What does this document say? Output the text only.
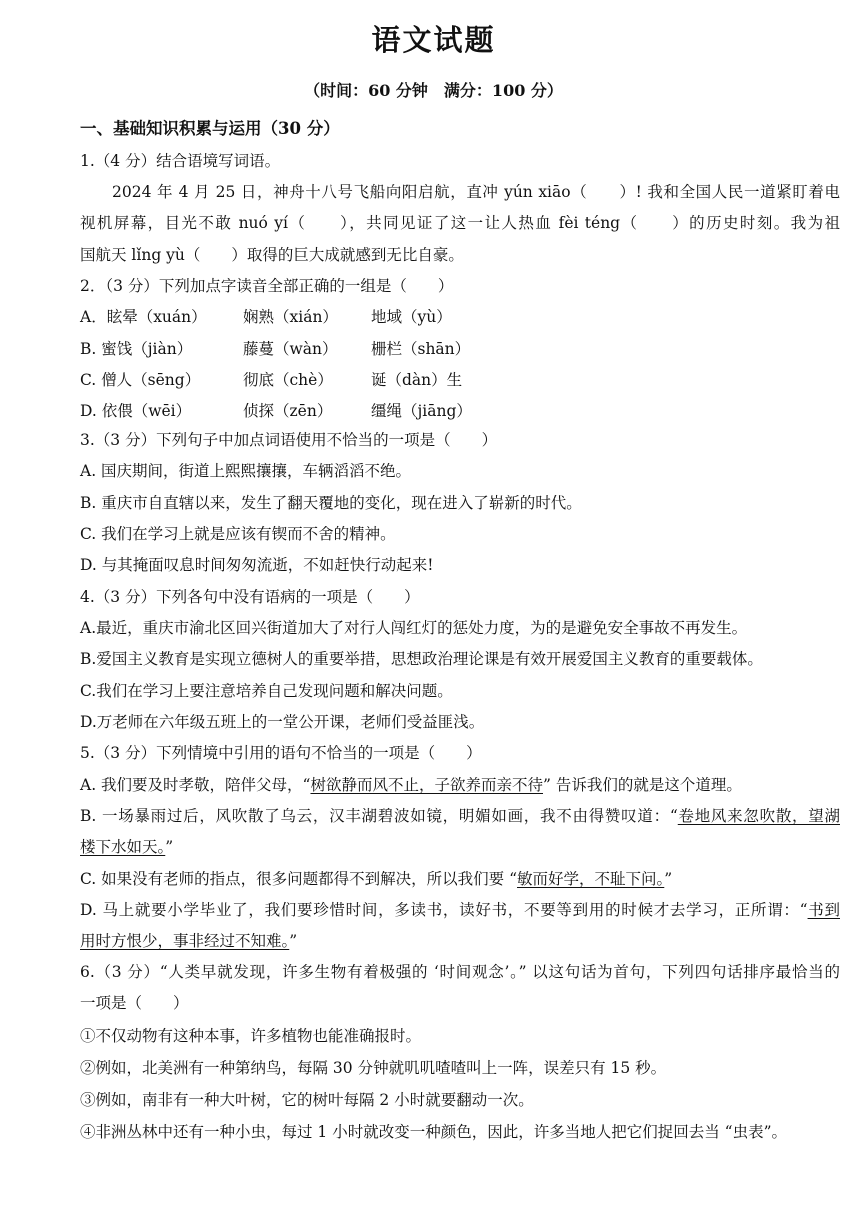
语文试题
（时间：60 分钟　满分：100 分）
一、基础知识积累与运用（30 分）
1.（4 分）结合语境写词语。
2024 年 4 月 25 日，神舟十八号飞船向阳启航，直冲 yún xiāo（　　）! 我和全国人民一道紧盯着电
视机屏幕，目光不敢 nuó yí（　　），共同见证了这一让人热血 fèi téng（　　）的历史时刻。我为祖
国航天 lǐng yù（　　）取得的巨大成就感到无比自豪。
2．（3 分）下列加点字读音全部正确的一组是（　　）
A．眩晕（xuán） 娴熟（xián） 地域（yù）
B. 蜜饯（jiàn）	藤蔓（wàn） 栅栏（shān）
C. 僧人（sēng）	彻底（chè） 诞（dàn）生
D. 依偎（wēi）	侦探（zēn） 缰绳（jiāng）
3.（3 分）下列句子中加点词语使用不恰当的一项是（　　）
A. 国庆期间，街道上熙熙攘攘，车辆滔滔不绝。
B. 重庆市自直辖以来，发生了翻天覆地的变化，现在进入了崭新的时代。
C. 我们在学习上就是应该有锲而不舍的精神。
D. 与其掩面叹息时间匆匆流逝，不如赶快行动起来!
4.（3 分）下列各句中没有语病的一项是（　　）
A.最近，重庆市渝北区回兴街道加大了对行人闯红灯的惩处力度，为的是避免安全事故不再发生。
B.爱国主义教育是实现立德树人的重要举措，思想政治理论课是有效开展爱国主义教育的重要载体。
C.我们在学习上要注意培养自己发现问题和解决问题。
D.万老师在六年级五班上的一堂公开课，老师们受益匪浅。
5.（3 分）下列情境中引用的语句不恰当的一项是（　　）
A. 我们要及时孝敬，陪伴父母，“树欲静而风不止，子欲养而亲不待” 告诉我们的就是这个道理。
B. 一场暴雨过后，风吹散了乌云，汉丰湖碧波如镜，明媚如画，我不由得赞叹道：“卷地风来忽吹散，望湖
楼下水如天。”
C. 如果没有老师的指点，很多问题都得不到解决，所以我们要 “敏而好学，不耻下问。”
D. 马上就要小学毕业了，我们要珍惜时间，多读书，读好书，不要等到用的时候才去学习，正所谓：“书到
用时方恨少，事非经过不知难。”
6.（3 分）“人类早就发现，许多生物有着极强的 ‘时间观念’。” 以这句话为首句，下列四句话排序最恰当的
一项是（　　）
①不仅动物有这种本事，许多植物也能准确报时。
②例如，北美洲有一种第纳鸟，每隔 30 分钟就叽叽喳喳叫上一阵，误差只有 15 秒。
③例如，南非有一种大叶树，它的树叶每隔 2 小时就要翻动一次。
④非洲丛林中还有一种小虫，每过 1 小时就改变一种颜色，因此，许多当地人把它们捉回去当 “虫表”。
